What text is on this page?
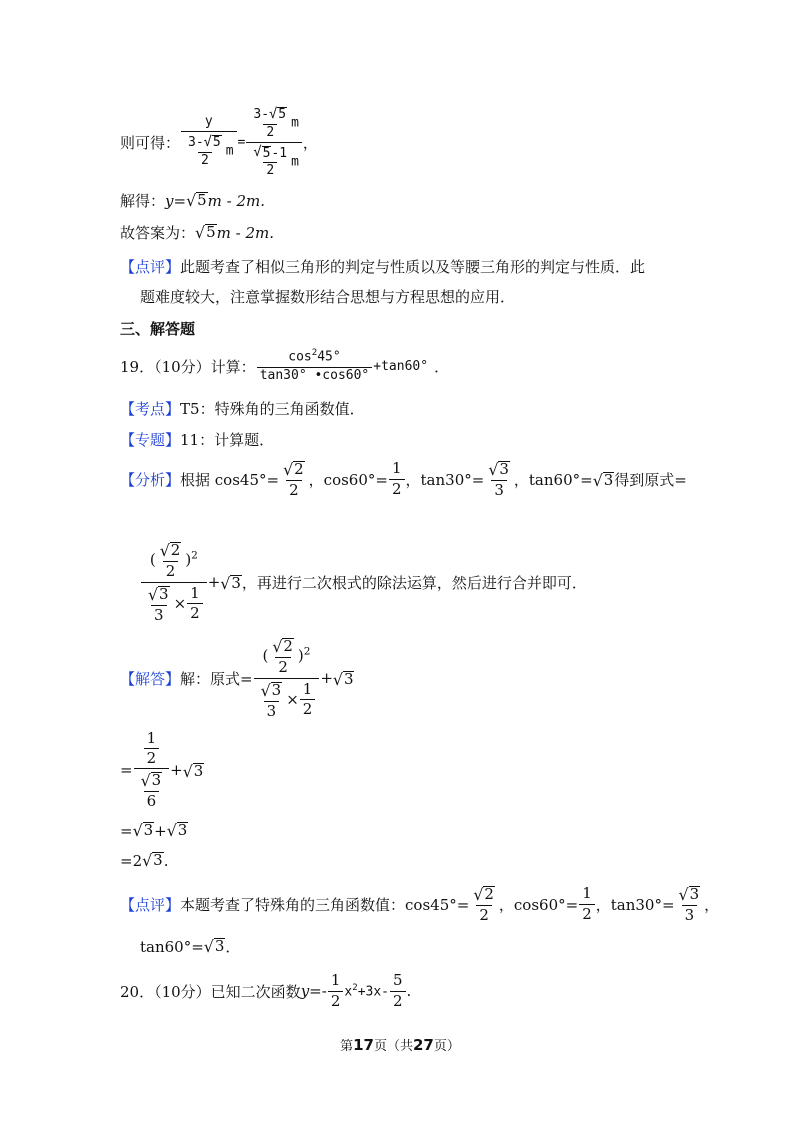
则可得： $\frac{y}{\frac{3- √ 5}{2} m} = \frac{\frac{3- √ 5}{2} m}{\frac{√ 5 -1}{2} m}$ ，
解得：y= √ 5 m - 2m.
故答案为： √ 5 m - 2m.
【点评】此题考查了相似三角形的判定与性质以及等腰三角形的判定与性质．此
题难度较大，注意掌握数形结合思想与方程思想的应用．
三、解答题
19．（10分）计算： $\frac{\cos^245^\circ}{\tan 30^\circ •\cos 60^\circ} +\tan 60^\circ$ ．
【考点】T5：特殊角的三角函数值．
【专题】11：计算题．
【分析】 根据 $\cos 45^\circ= \frac{√ 2}{2}$ ，$\cos 60^\circ= \frac{1}{2}$ ，$\tan 30^\circ= \frac{√ 3}{3}$ ，tan60°= √ 3 得到原式=
$\frac{( \frac{√ 2}{2} )^2}{\frac{√ 3}{3} \times \frac{1}{2}}$ + √ 3 ，再进行二次根式的除法运算，然后进行合并即可．
【解答】 解：原式= $\frac{( \frac{√ 2}{2} )^2}{\frac{√ 3}{3} \times \frac{1}{2}}$ + √ 3
= $\frac{\frac{1}{2}}{\frac{√ 3}{6}}$ + √ 3
= √ 3 + √ 3
=2 √ 3 .
【点评】 本题考查了特殊角的三角函数值：$\cos 45^\circ= \frac{√ 2}{2}$ ，$\cos 60^\circ= \frac{1}{2}$ ，$\tan 30^\circ= \frac{√ 3}{3}$ ，
tan60°= √ 3 ．
20．（10分）已知二次函数 y = - $\frac{1}{2} x^2+3x- \frac{5}{2}$ .
第17页（共27页）
